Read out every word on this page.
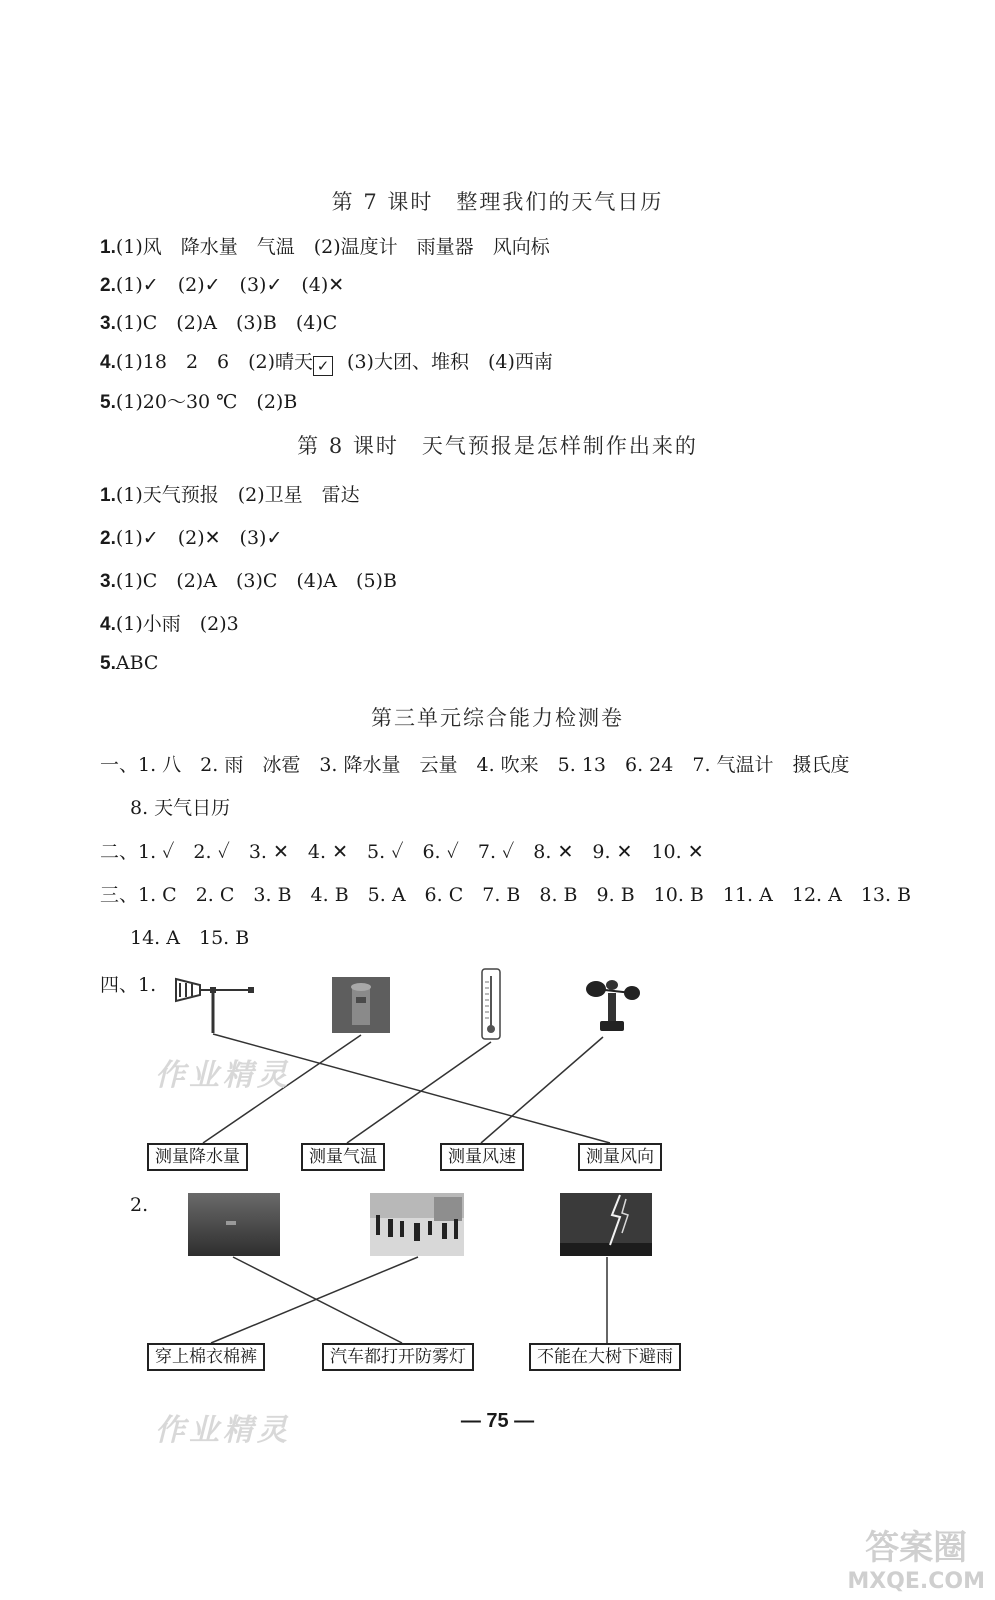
第 7 课时　整理我们的天气日历
1.(1)风　降水量　气温　(2)温度计　雨量器　风向标
2.(1)✓　(2)✓　(3)✓　(4)✕
3.(1)C　(2)A　(3)B　(4)C
4.(1)18　2　6　(2)晴天 ✓ (3)大团、堆积　(4)西南
5.(1)20～30 ℃　(2)B
第 8 课时　天气预报是怎样制作出来的
1.(1)天气预报　(2)卫星　雷达
2.(1)✓　(2)✕　(3)✓
3.(1)C　(2)A　(3)C　(4)A　(5)B
4.(1)小雨　(2)3
5.ABC
第三单元综合能力检测卷
一、1. 八　2. 雨　冰雹　3. 降水量　云量　4. 吹来　5. 13　6. 24　7. 气温计　摄氏度
8. 天气日历
二、1. ✓　2. ✓　3. ✕　4. ✕　5. ✓　6. ✓　7. ✓　8. ✕　9. ✕　10. ✕
三、1. C　2. C　3. B　4. B　5. A　6. C　7. B　8. B　9. B　10. B　11. A　12. A　13. B
14. A　15. B
四、1.
测量降水量	测量气温	测量风速	测量风向
2.
穿上棉衣棉裤	汽车都打开防雾灯	不能在大树下避雨
作业精灵
作业精灵	— 75 —
答案圈
MXQE.COM
